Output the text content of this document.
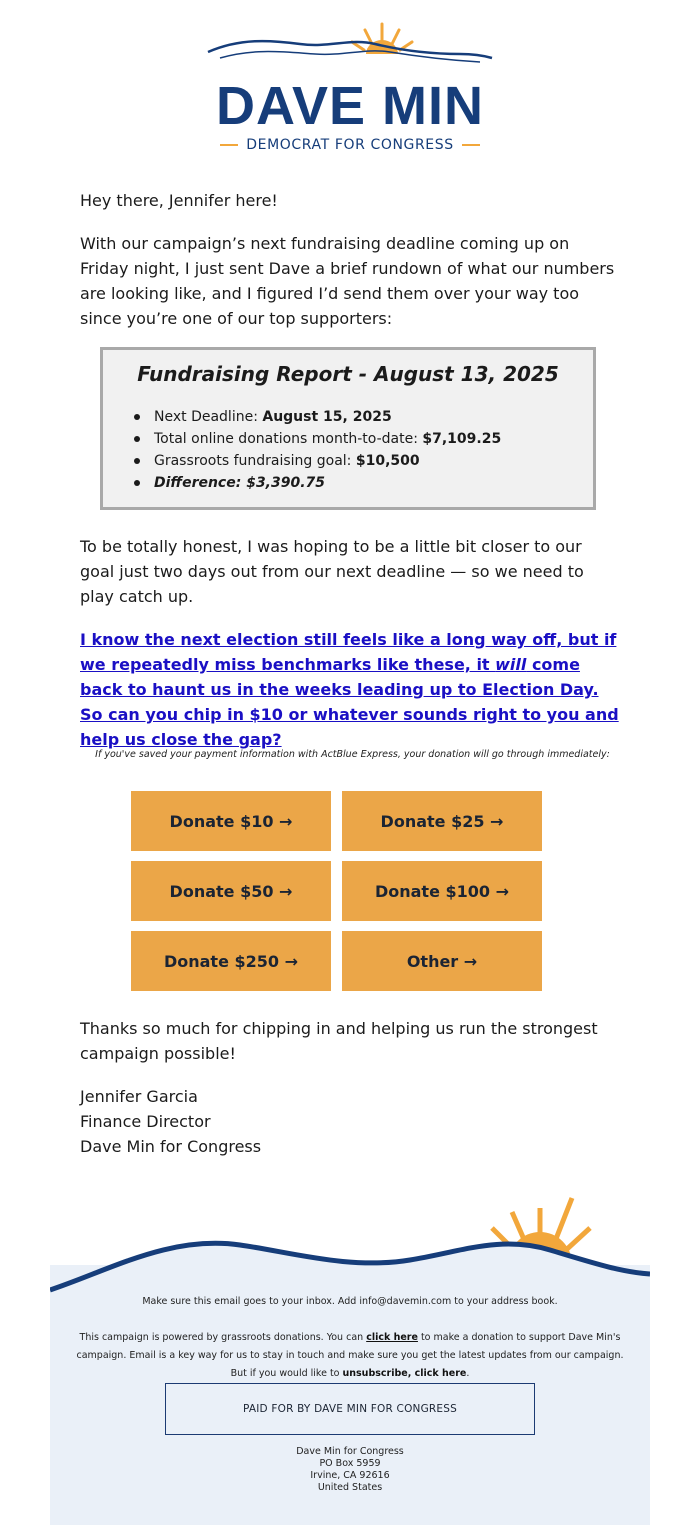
DAVE MIN
DEMOCRAT FOR CONGRESS

Hey there, Jennifer here!

With our campaign’s next fundraising deadline coming up on Friday night, I just sent Dave a brief rundown of what our numbers are looking like, and I figured I’d send them over your way too since you’re one of our top supporters:

Fundraising Report - August 13, 2025
Next Deadline: August 15, 2025
Total online donations month-to-date: $7,109.25
Grassroots fundraising goal: $10,500
Difference: $3,390.75

To be totally honest, I was hoping to be a little bit closer to our goal just two days out from our next deadline — so we need to play catch up.

I know the next election still feels like a long way off, but if we repeatedly miss benchmarks like these, it will come back to haunt us in the weeks leading up to Election Day. So can you chip in $10 or whatever sounds right to you and help us close the gap?
If you've saved your payment information with ActBlue Express, your donation will go through immediately:
Donate $10 →	Donate $25 →
Donate $50 →	Donate $100 →
Donate $250 →	Other →

Thanks so much for chipping in and helping us run the strongest campaign possible!

Jennifer Garcia
Finance Director
Dave Min for Congress
Make sure this email goes to your inbox. Add info@davemin.com to your address book.
This campaign is powered by grassroots donations. You can click here to make a donation to support Dave Min's campaign. Email is a key way for us to stay in touch and make sure you get the latest updates from our campaign. But if you would like to unsubscribe, click here.
PAID FOR BY DAVE MIN FOR CONGRESS
Dave Min for Congress
PO Box 5959
Irvine, CA 92616
United States
